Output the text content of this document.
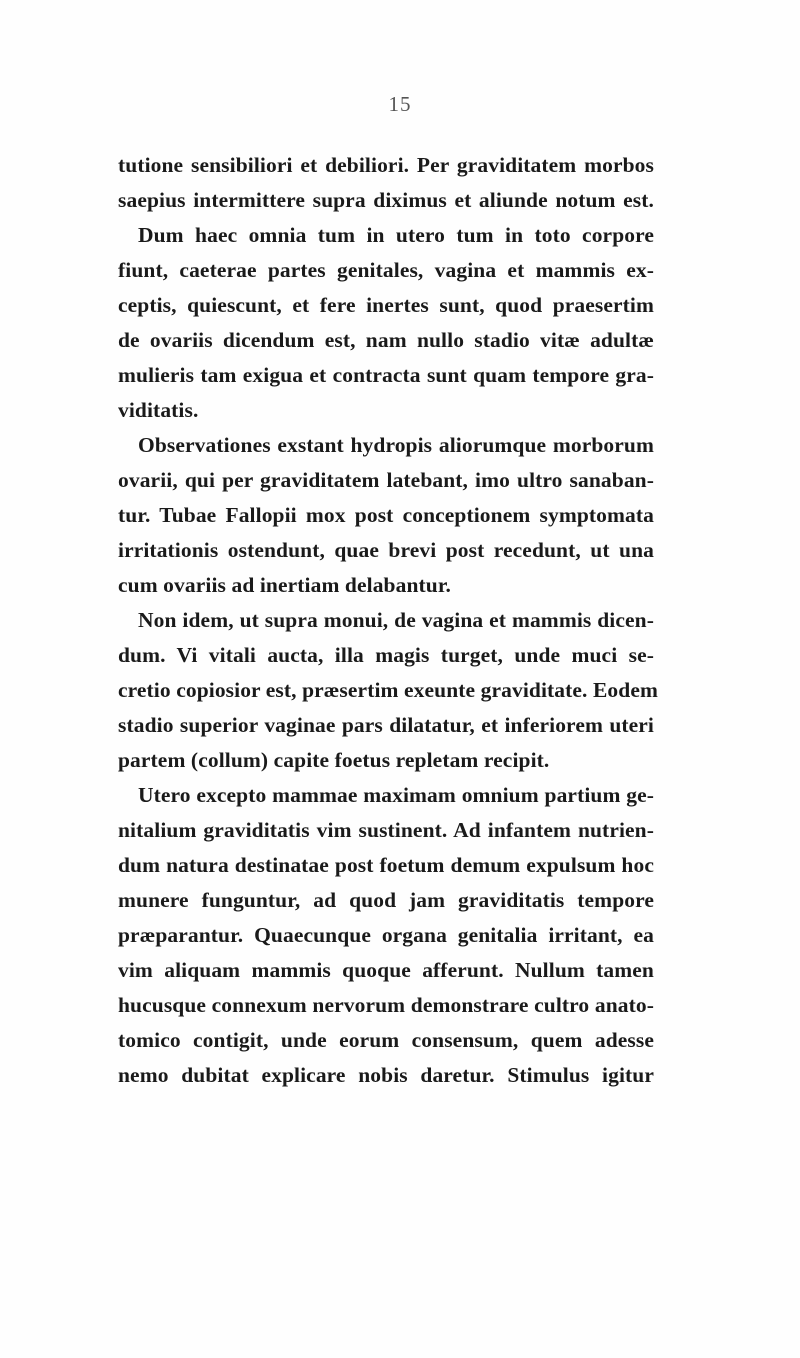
15
tutione sensibiliori et debiliori. Per graviditatem morbos
saepius intermittere supra diximus et aliunde notum est.
Dum haec omnia tum in utero tum in toto corpore
fiunt, caeterae partes genitales, vagina et mammis ex-
ceptis, quiescunt, et fere inertes sunt, quod praesertim
de ovariis dicendum est, nam nullo stadio vitæ adultæ
mulieris tam exigua et contracta sunt quam tempore gra-
viditatis.
Observationes exstant hydropis aliorumque morborum
ovarii, qui per graviditatem latebant, imo ultro sanaban-
tur. Tubae Fallopii mox post conceptionem symptomata
irritationis ostendunt, quae brevi post recedunt, ut una
cum ovariis ad inertiam delabantur.
Non idem, ut supra monui, de vagina et mammis dicen-
dum. Vi vitali aucta, illa magis turget, unde muci se-
cretio copiosior est, præsertim exeunte graviditate. Eodem
stadio superior vaginae pars dilatatur, et inferiorem uteri
partem (collum) capite foetus repletam recipit.
Utero excepto mammae maximam omnium partium ge-
nitalium graviditatis vim sustinent. Ad infantem nutrien-
dum natura destinatae post foetum demum expulsum hoc
munere funguntur, ad quod jam graviditatis tempore
præparantur. Quaecunque organa genitalia irritant, ea
vim aliquam mammis quoque afferunt. Nullum tamen
hucusque connexum nervorum demonstrare cultro anato-
tomico contigit, unde eorum consensum, quem adesse
nemo dubitat explicare nobis daretur. Stimulus igitur
